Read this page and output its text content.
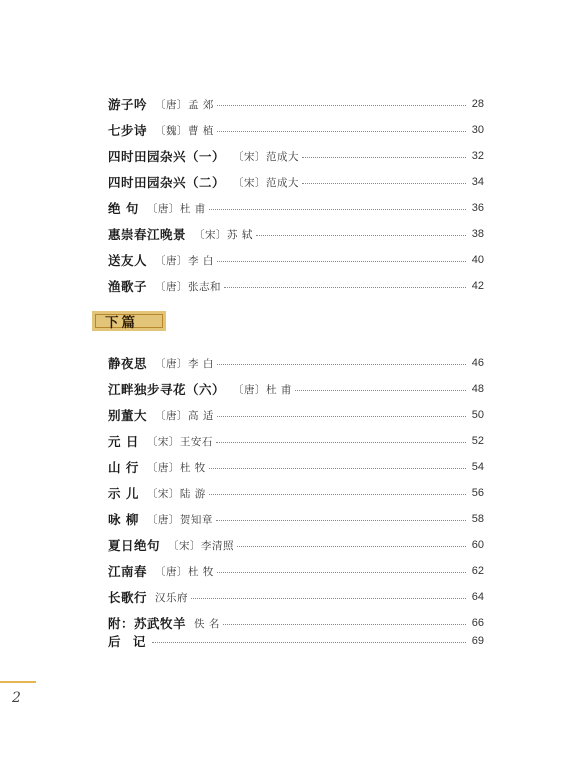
游子吟 〔唐〕孟 郊	28
七步诗 〔魏〕曹 植	30
四时田园杂兴（一） 〔宋〕范成大	32
四时田园杂兴（二） 〔宋〕范成大	34
绝 句 〔唐〕杜 甫	36
惠崇春江晚景 〔宋〕苏 轼	38
送友人 〔唐〕李 白	40
渔歌子 〔唐〕张志和	42
下篇
静夜思 〔唐〕李 白	46
江畔独步寻花（六） 〔唐〕杜 甫	48
别董大 〔唐〕高 适	50
元 日 〔宋〕王安石	52
山 行 〔唐〕杜 牧	54
示 儿 〔宋〕陆 游	56
咏 柳 〔唐〕贺知章	58
夏日绝句 〔宋〕李清照	60
江南春 〔唐〕杜 牧	62
长歌行 汉乐府	64
附：苏武牧羊 佚 名	66
后 记	69
2
